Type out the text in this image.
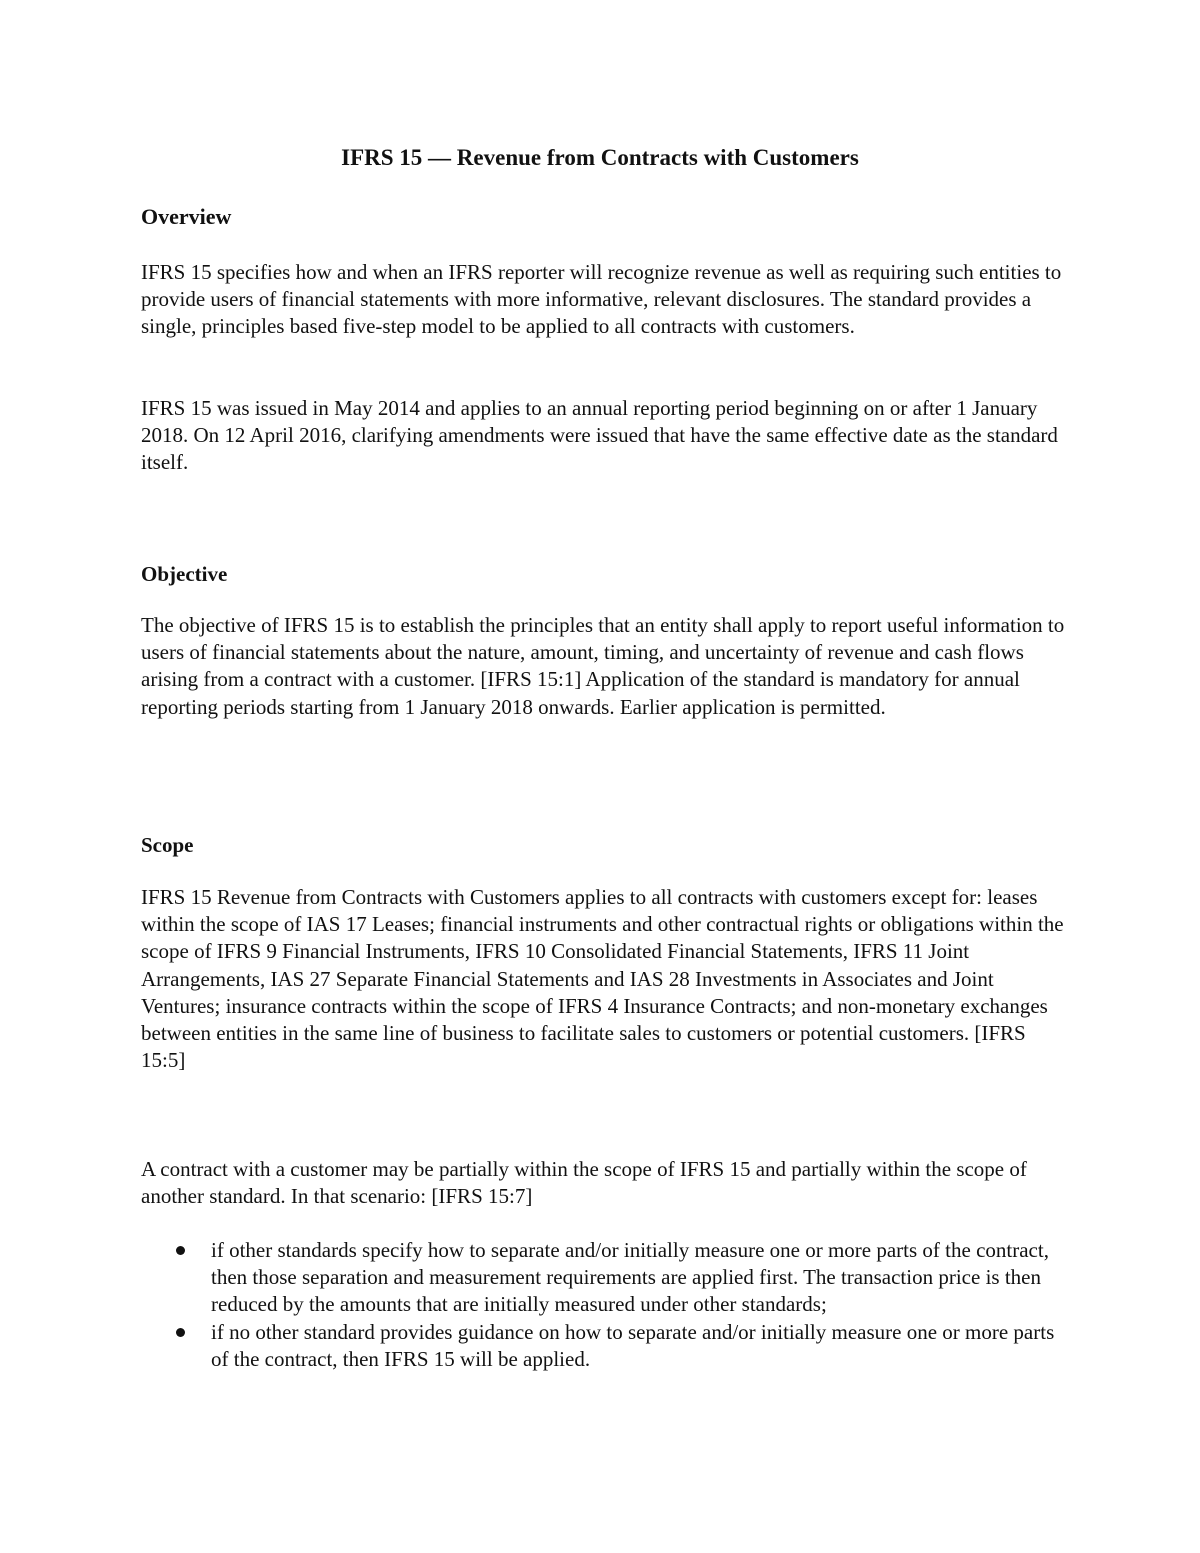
IFRS 15 — Revenue from Contracts with Customers
Overview

IFRS 15 specifies how and when an IFRS reporter will recognize revenue as well as requiring such entities to provide users of financial statements with more informative, relevant disclosures. The standard provides a single, principles based five-step model to be applied to all contracts with customers.

IFRS 15 was issued in May 2014 and applies to an annual reporting period beginning on or after 1 January 2018. On 12 April 2016, clarifying amendments were issued that have the same effective date as the standard itself.

Objective

The objective of IFRS 15 is to establish the principles that an entity shall apply to report useful information to users of financial statements about the nature, amount, timing, and uncertainty of revenue and cash flows arising from a contract with a customer. [IFRS 15:1] Application of the standard is mandatory for annual reporting periods starting from 1 January 2018 onwards. Earlier application is permitted.

Scope

IFRS 15 Revenue from Contracts with Customers applies to all contracts with customers except for: leases within the scope of IAS 17 Leases; financial instruments and other contractual rights or obligations within the scope of IFRS 9 Financial Instruments, IFRS 10 Consolidated Financial Statements, IFRS 11 Joint Arrangements, IAS 27 Separate Financial Statements and IAS 28 Investments in Associates and Joint Ventures; insurance contracts within the scope of IFRS 4 Insurance Contracts; and non-monetary exchanges between entities in the same line of business to facilitate sales to customers or potential customers. [IFRS 15:5]

A contract with a customer may be partially within the scope of IFRS 15 and partially within the scope of another standard. In that scenario: [IFRS 15:7]

if other standards specify how to separate and/or initially measure one or more parts of the contract, then those separation and measurement requirements are applied first. The transaction price is then reduced by the amounts that are initially measured under other standards;
if no other standard provides guidance on how to separate and/or initially measure one or more parts of the contract, then IFRS 15 will be applied.
